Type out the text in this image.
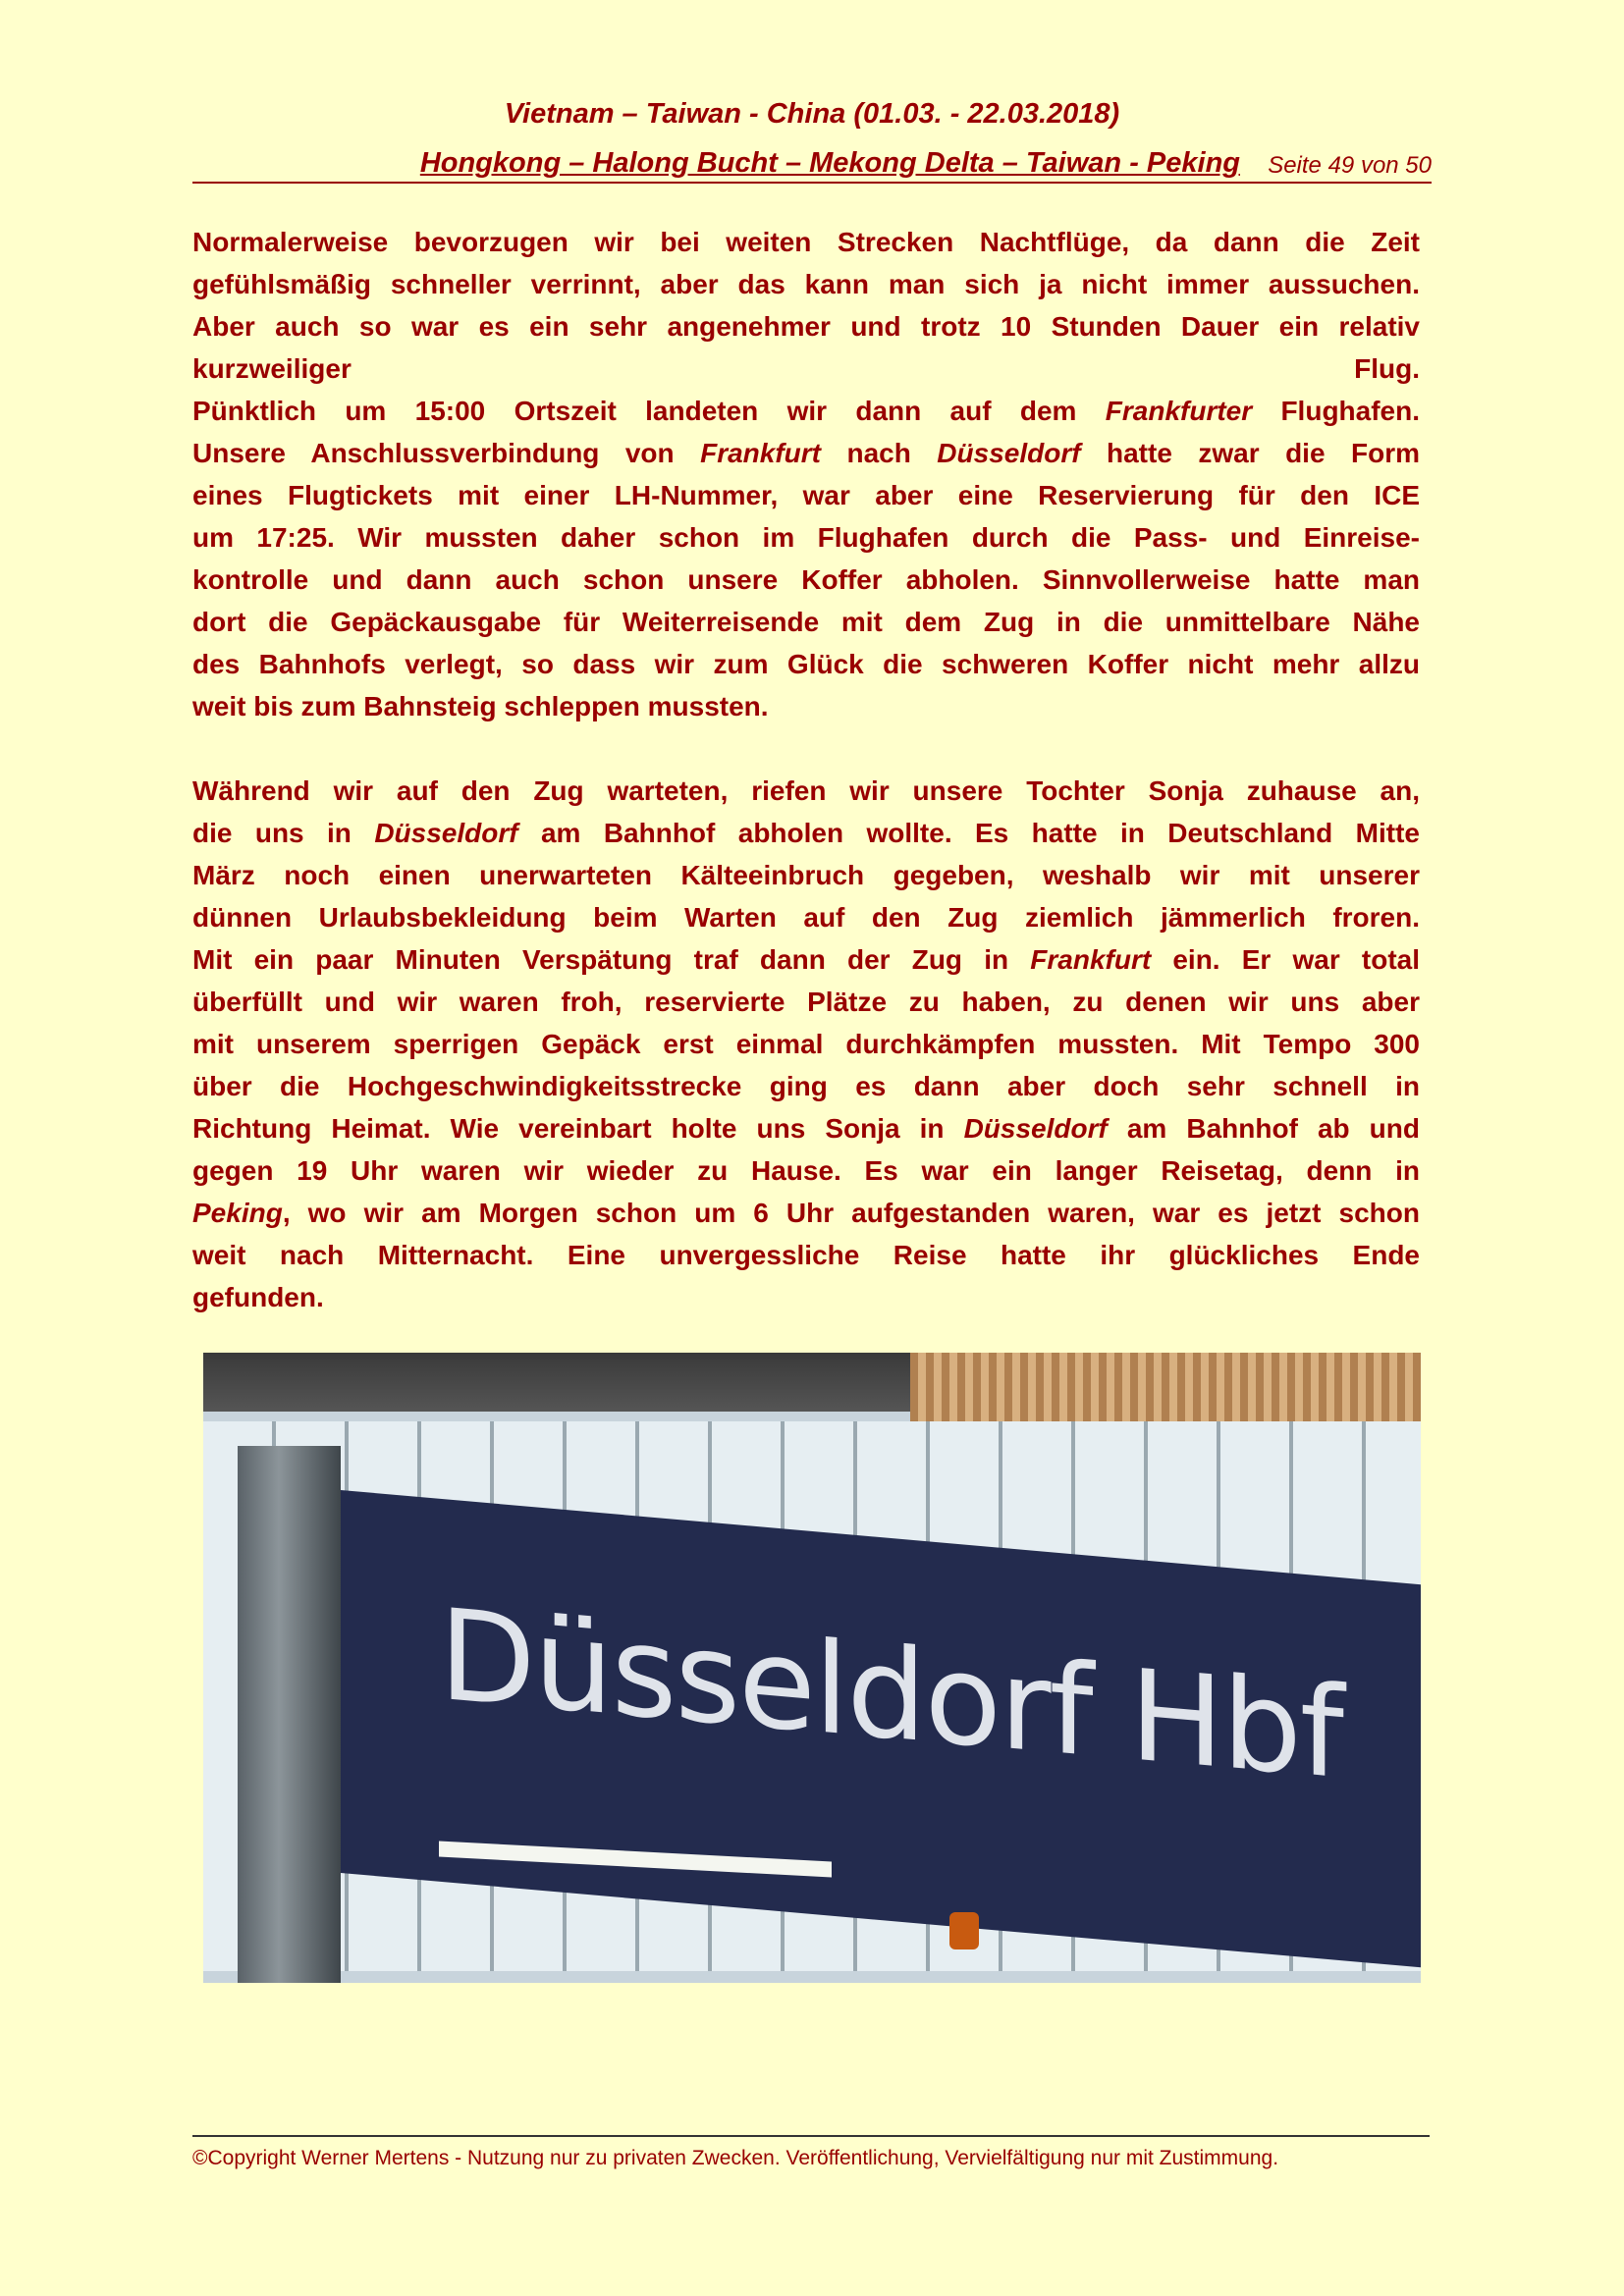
Vietnam – Taiwan - China (01.03. - 22.03.2018)
Hongkong – Halong Bucht – Mekong Delta – Taiwan - Peking Seite 49 von 50
Normalerweise bevorzugen wir bei weiten Strecken Nachtflüge, da dann die Zeit
gefühlsmäßig schneller verrinnt, aber das kann man sich ja nicht immer aussuchen.
Aber auch so war es ein sehr angenehmer und trotz 10 Stunden Dauer ein relativ
kurzweiliger Flug.
Pünktlich um 15:00 Ortszeit landeten wir dann auf dem Frankfurter Flughafen.
Unsere Anschlussverbindung von Frankfurt nach Düsseldorf hatte zwar die Form
eines Flugtickets mit einer LH-Nummer, war aber eine Reservierung für den ICE
um 17:25. Wir mussten daher schon im Flughafen durch die Pass- und Einreise-
kontrolle und dann auch schon unsere Koffer abholen. Sinnvollerweise hatte man
dort die Gepäckausgabe für Weiterreisende mit dem Zug in die unmittelbare Nähe
des Bahnhofs verlegt, so dass wir zum Glück die schweren Koffer nicht mehr allzu
weit bis zum Bahnsteig schleppen mussten.
Während wir auf den Zug warteten, riefen wir unsere Tochter Sonja zuhause an,
die uns in Düsseldorf am Bahnhof abholen wollte. Es hatte in Deutschland Mitte
März noch einen unerwarteten Kälteeinbruch gegeben, weshalb wir mit unserer
dünnen Urlaubsbekleidung beim Warten auf den Zug ziemlich jämmerlich froren.
Mit ein paar Minuten Verspätung traf dann der Zug in Frankfurt ein. Er war total
überfüllt und wir waren froh, reservierte Plätze zu haben, zu denen wir uns aber
mit unserem sperrigen Gepäck erst einmal durchkämpfen mussten. Mit Tempo 300
über die Hochgeschwindigkeitsstrecke ging es dann aber doch sehr schnell in
Richtung Heimat. Wie vereinbart holte uns Sonja in Düsseldorf am Bahnhof ab und
gegen 19 Uhr waren wir wieder zu Hause. Es war ein langer Reisetag, denn in
Peking, wo wir am Morgen schon um 6 Uhr aufgestanden waren, war es jetzt schon
weit nach Mitternacht. Eine unvergessliche Reise hatte ihr glückliches Ende
gefunden.
Düsseldorf Hbf
©Copyright Werner Mertens - Nutzung nur zu privaten Zwecken. Veröffentlichung, Vervielfältigung nur mit Zustimmung.
